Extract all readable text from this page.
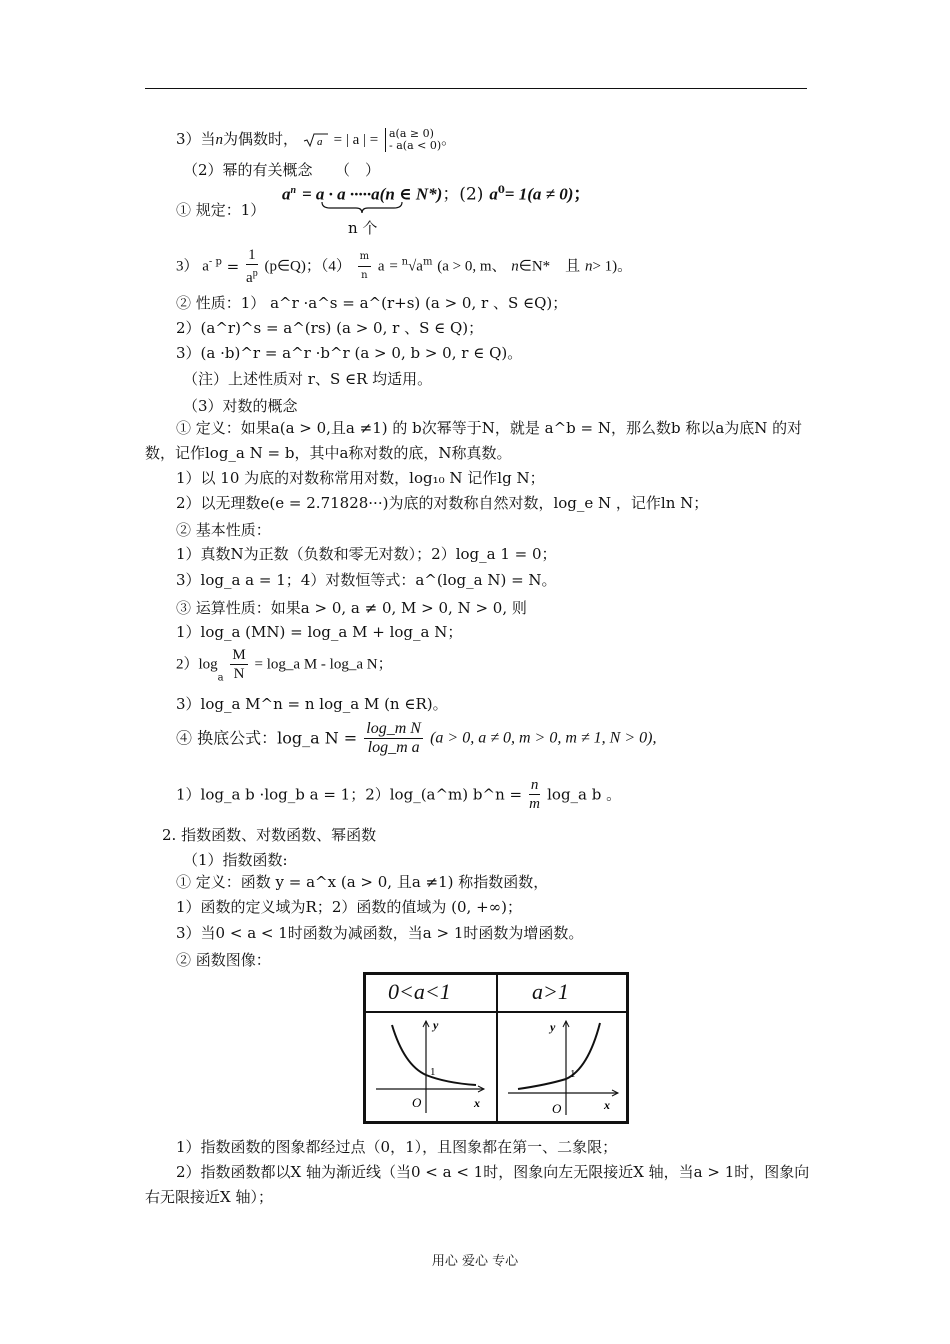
3）当n为偶数时， a = | a | = a(a ≥ 0)
- a(a < 0) 。
（2）幂的有关概念　　（　）
① 规定：1）
$a^n = a \cdot a \cdot\cdot\cdot\cdot\cdot a(n$ ∈ N*)；(2) $a^0= 1(a \ne 0)$；
n 个
3） $a^{- p} = \frac{1}{a^p}$ (p∈Q)；$(4) \frac{m}{n}$ $a = ^n√a^m$ (a > 0, m、 n∈N*　且 n> 1)。
② 性质：1） a^r ·a^s = a^(r+s) (a > 0, r 、S ∈Q)；
2）(a^r)^s = a^(rs) (a > 0, r 、S ∈ Q)；
3）(a ·b)^r = a^r ·b^r (a > 0, b > 0, r ∈ Q)。
（注）上述性质对 r、S ∈R 均适用。
（3）对数的概念
① 定义：如果a(a > 0,且a ≠1) 的 b次幂等于N，就是 a^b = N，那么数b 称以a为底N 的对
数，记作log_a N = b，其中a称对数的底，N称真数。
1）以 10 为底的对数称常用对数，log₁₀ N 记作lg N；
2）以无理数e(e = 2.71828···)为底的对数称自然对数，log_e N ，记作ln N；
② 基本性质：
1）真数N为正数（负数和零无对数）；2）log_a 1 = 0；
3）log_a a = 1；4）对数恒等式：a^(log_a N) = N。
③ 运算性质：如果a > 0, a ≠ 0, M > 0, N > 0, 则
1）log_a (MN) = log_a M + log_a N；
$2)\log_a \frac{M}{N}$ = log_a M - log_a N；
3）log_a M^n = n log_a M (n ∈R)。
④ 换底公式：log_a $N = \frac{\text{log\_m N}}{\text{log\_m a}} (a > 0$, a ≠ 0, m > 0, m ≠ 1, N > 0),
1）log_a b ·log_b a = 1；2）log_(a^m) b^n = $\frac{n}{m}$ log_a b 。
2. 指数函数、对数函数、幂函数
（1）指数函数:
① 定义：函数 y = a^x (a > 0, 且a ≠1) 称指数函数，
1）函数的定义域为R；2）函数的值域为 (0, +∞)；
3）当0 < a < 1时函数为减函数，当a > 1时函数为增函数。
② 函数图像：
0<a<1	a>1
y
x
1
O
y
x
1
O
1）指数函数的图象都经过点（0，1），且图象都在第一、二象限；
2）指数函数都以X 轴为渐近线（当0 < a < 1时，图象向左无限接近X 轴，当a > 1时，图象向
右无限接近X 轴）；
用心 爱心 专心
